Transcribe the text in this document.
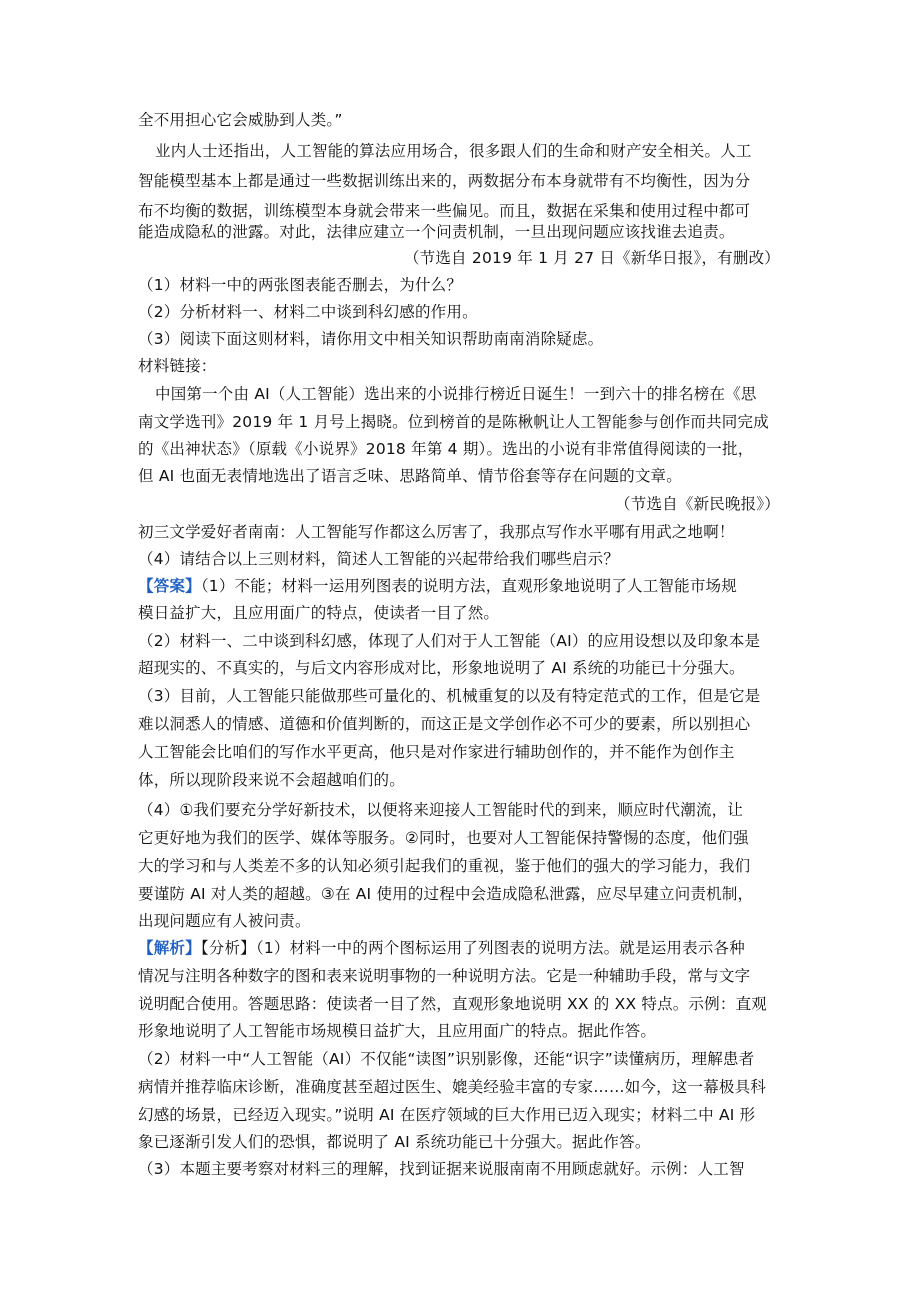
全不用担心它会威胁到人类。”
业内人士还指出，人工智能的算法应用场合，很多跟人们的生命和财产安全相关。人工
智能模型基本上都是通过一些数据训练出来的，两数据分布本身就带有不均衡性，因为分
布不均衡的数据，训练模型本身就会带来一些偏见。而且，数据在采集和使用过程中都可
能造成隐私的泄露。对此，法律应建立一个问责机制，一旦出现问题应该找谁去追责。
（节选自 2019 年 1 月 27 日《新华日报》，有删改）
（1）材料一中的两张图表能否删去，为什么？
（2）分析材料一、材料二中谈到科幻感的作用。
（3）阅读下面这则材料，请你用文中相关知识帮助南南消除疑虑。
材料链接：
中国第一个由 AI（人工智能）选出来的小说排行榜近日诞生！一到六十的排名榜在《思
南文学选刊》2019 年 1 月号上揭晓。位到榜首的是陈楸帆让人工智能参与创作而共同完成
的《出神状态》（原载《小说界》2018 年第 4 期）。选出的小说有非常值得阅读的一批，
但 AI 也面无表情地选出了语言乏味、思路简单、情节俗套等存在问题的文章。
（节选自《新民晚报》）
初三文学爱好者南南：人工智能写作都这么厉害了，我那点写作水平哪有用武之地啊！
（4）请结合以上三则材料，简述人工智能的兴起带给我们哪些启示？
【答案】（1）不能；材料一运用列图表的说明方法，直观形象地说明了人工智能市场规
模日益扩大，且应用面广的特点，使读者一目了然。
（2）材料一、二中谈到科幻感，体现了人们对于人工智能（AI）的应用设想以及印象本是
超现实的、不真实的，与后文内容形成对比，形象地说明了 AI 系统的功能已十分强大。
（3）目前，人工智能只能做那些可量化的、机械重复的以及有特定范式的工作，但是它是
难以洞悉人的情感、道德和价值判断的，而这正是文学创作必不可少的要素，所以别担心
人工智能会比咱们的写作水平更高，他只是对作家进行辅助创作的，并不能作为创作主
体，所以现阶段来说不会超越咱们的。
（4）①我们要充分学好新技术，以便将来迎接人工智能时代的到来，顺应时代潮流，让
它更好地为我们的医学、媒体等服务。②同时，也要对人工智能保持警惕的态度，他们强
大的学习和与人类差不多的认知必须引起我们的重视，鉴于他们的强大的学习能力，我们
要谨防 AI 对人类的超越。③在 AI 使用的过程中会造成隐私泄露，应尽早建立问责机制，
出现问题应有人被问责。
【解析】【分析】（1）材料一中的两个图标运用了列图表的说明方法。就是运用表示各种
情况与注明各种数字的图和表来说明事物的一种说明方法。它是一种辅助手段，常与文字
说明配合使用。答题思路：使读者一目了然，直观形象地说明 XX 的 XX 特点。示例：直观
形象地说明了人工智能市场规模日益扩大，且应用面广的特点。据此作答。
（2）材料一中“人工智能（AI）不仅能“读图”识别影像，还能“识字”读懂病历，理解患者
病情并推荐临床诊断，准确度甚至超过医生、媲美经验丰富的专家……如今，这一幕极具科
幻感的场景，已经迈入现实。”说明 AI 在医疗领域的巨大作用已迈入现实；材料二中 AI 形
象已逐渐引发人们的恐惧，都说明了 AI 系统功能已十分强大。据此作答。
（3）本题主要考察对材料三的理解，找到证据来说服南南不用顾虑就好。示例：人工智
